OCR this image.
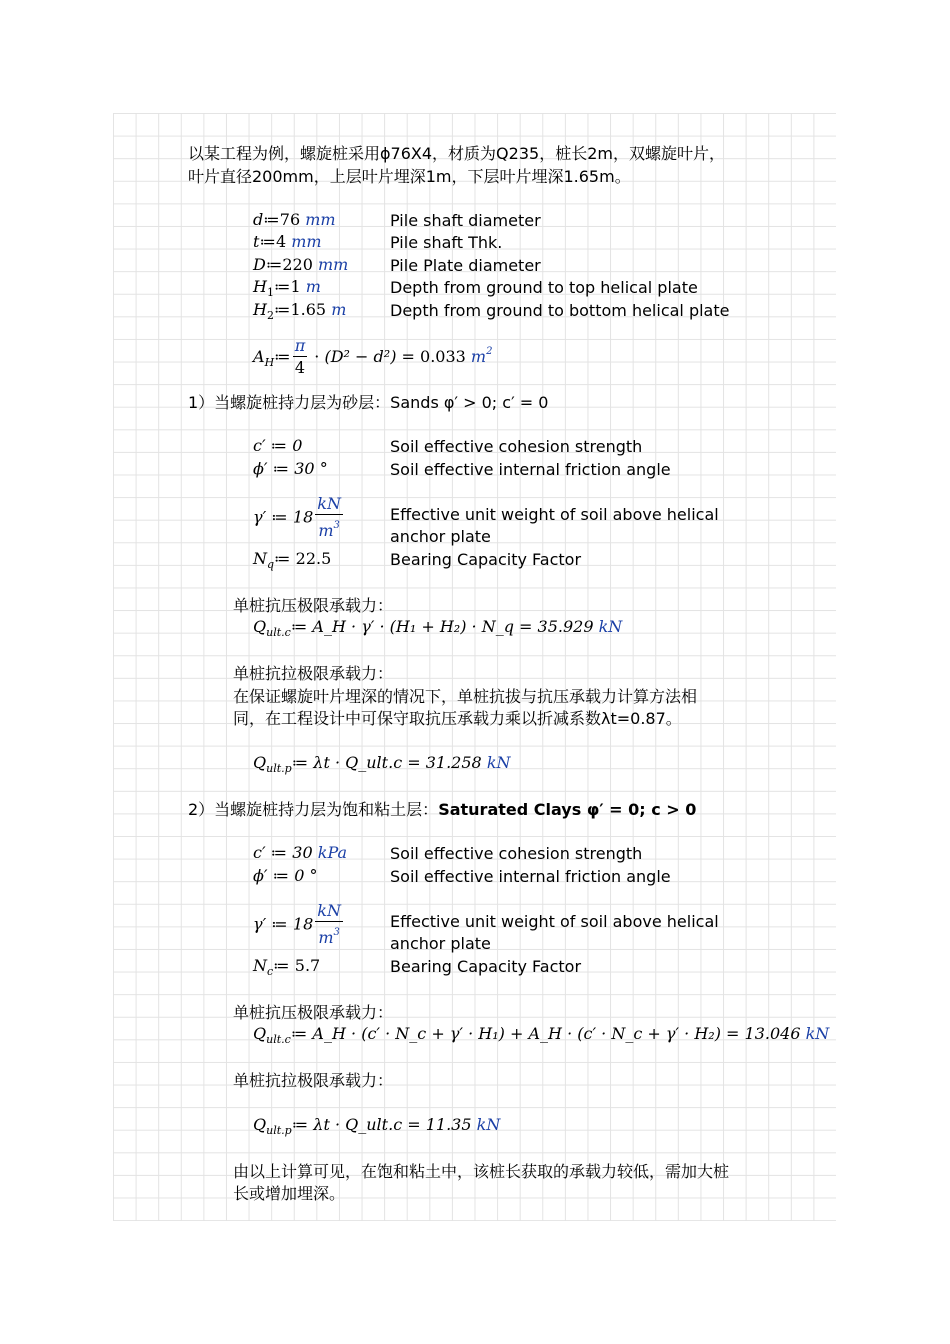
以某工程为例，螺旋桩采用ϕ76X4，材质为Q235，桩长2m，双螺旋叶片，
叶片直径200mm，上层叶片埋深1m，下层叶片埋深1.65m。
d≔76 mm	Pile shaft diameter
t≔4 mm	Pile shaft Thk.
D≔220 mm	Pile Plate diameter
$H_1≔1$ m	Depth from ground to top helical plate
$H_2≔1.65$ m	Depth from ground to bottom helical plate
$A_H≔ \frac{\pi}{4} \cdot (D^2 - d^2) = 0.033$ $m^2$
1）当螺旋桩持力层为砂层：Sands φ′ > 0; c′ = 0
c′ ≔ 0	Soil effective cohesion strength
ϕ′ ≔ 30 °	Soil effective internal friction angle
γ′ ≔ $18 \frac{kN}{m^3}$	Effective unit weight of soil above helical
anchor plate
$N_q≔$ 22.5	Bearing Capacity Factor
单桩抗压极限承载力：
$Q_{ult.c}≔$ A_H · γ′ · (H₁ + H₂) · N_q = 35.929 kN
单桩抗拉极限承载力：
在保证螺旋叶片埋深的情况下，单桩抗拔与抗压承载力计算方法相
同，在工程设计中可保守取抗压承载力乘以折减系数λt=0.87。
$Q_{ult.p}≔$ λt · Q_ult.c = 31.258 kN
2）当螺旋桩持力层为饱和粘土层：Saturated Clays φ′ = 0; c > 0
c′ ≔ 30 kPa	Soil effective cohesion strength
ϕ′ ≔ 0 °	Soil effective internal friction angle
γ′ ≔ $18 \frac{kN}{m^3}$	Effective unit weight of soil above helical
anchor plate
$N_c≔$ 5.7	Bearing Capacity Factor
单桩抗压极限承载力：
$Q_{ult.c}≔$ A_H · (c′ · N_c + γ′ · H₁) + A_H · (c′ · N_c + γ′ · H₂) = 13.046 kN
单桩抗拉极限承载力：
$Q_{ult.p}≔$ λt · Q_ult.c = 11.35 kN
由以上计算可见，在饱和粘土中，该桩长获取的承载力较低，需加大桩
长或增加埋深。
